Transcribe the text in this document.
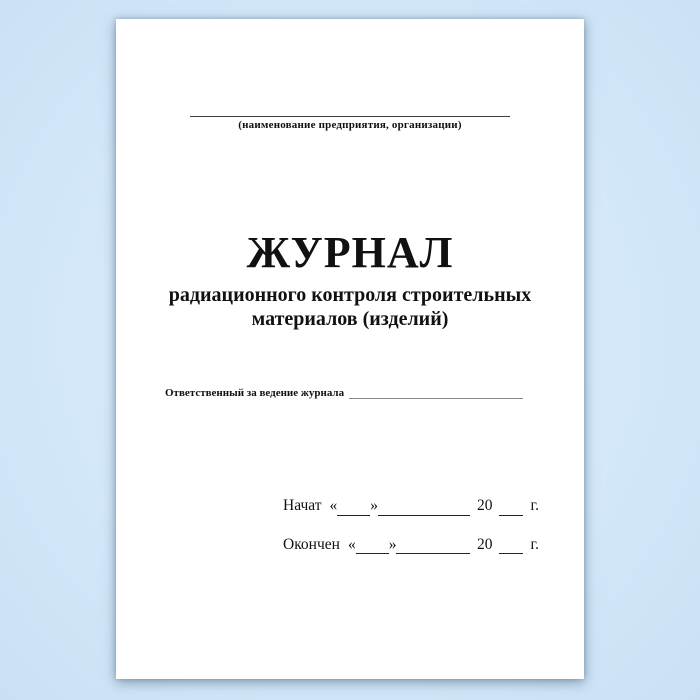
(наименование предприятия, организации)
ЖУРНАЛ
радиационного контроля строительных
материалов (изделий)
Ответственный за ведение журнала
Начат « »	20 г.
Окончен « »	20 г.
